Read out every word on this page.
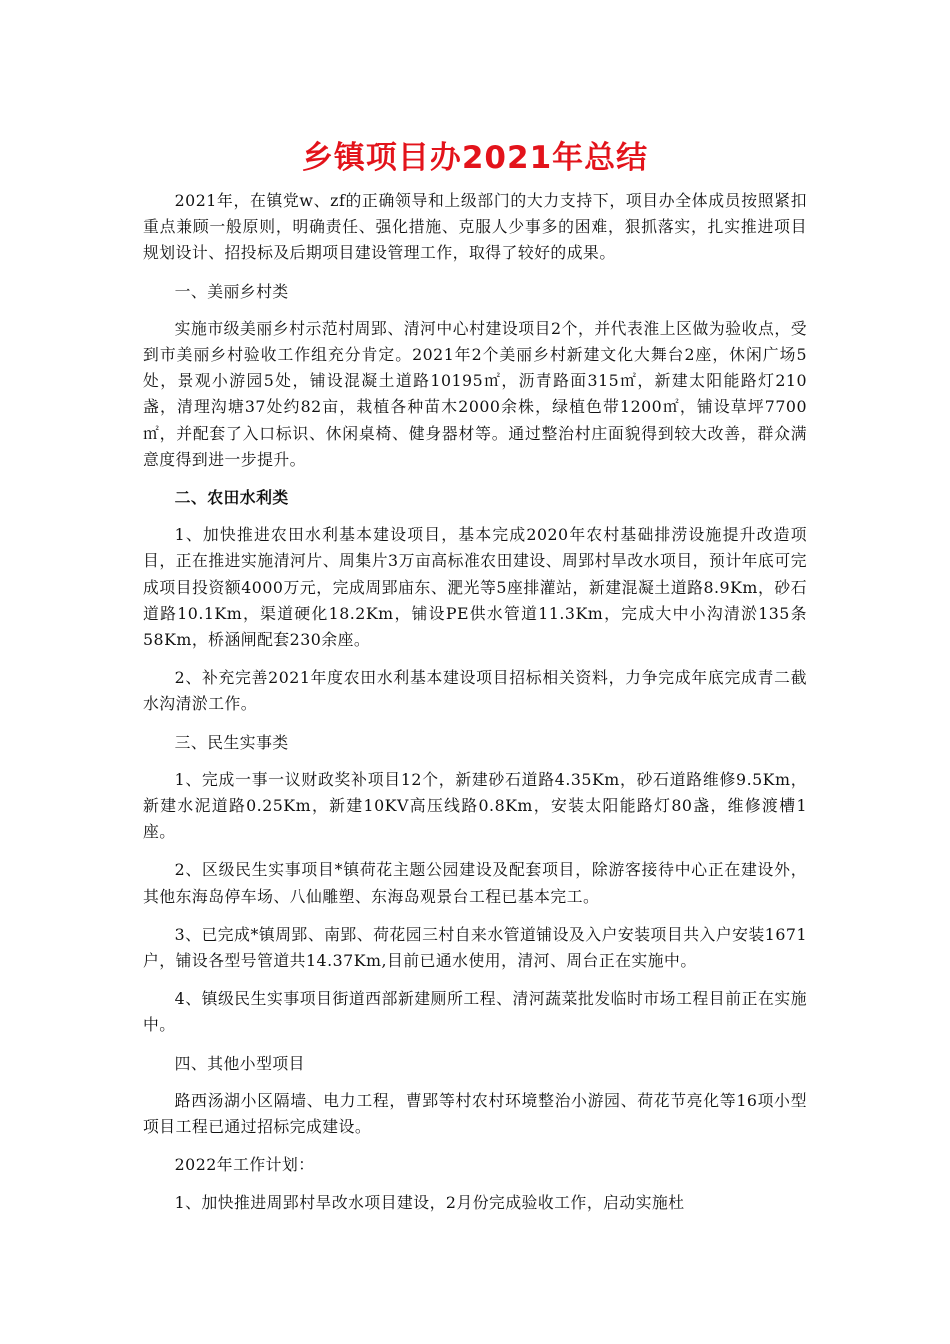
乡镇项目办2021年总结

2021年，在镇党w、zf的正确领导和上级部门的大力支持下，项目办全体成员按照紧扣重点兼顾一般原则，明确责任、强化措施、克服人少事多的困难，狠抓落实，扎实推进项目规划设计、招投标及后期项目建设管理工作，取得了较好的成果。

一、美丽乡村类

实施市级美丽乡村示范村周郢、清河中心村建设项目2个，并代表淮上区做为验收点，受到市美丽乡村验收工作组充分肯定。2021年2个美丽乡村新建文化大舞台2座，休闲广场5处，景观小游园5处，铺设混凝土道路10195㎡，沥青路面315㎡，新建太阳能路灯210盏，清理沟塘37处约82亩，栽植各种苗木2000余株，绿植色带1200㎡，铺设草坪7700㎡，并配套了入口标识、休闲桌椅、健身器材等。通过整治村庄面貌得到较大改善，群众满意度得到进一步提升。

二、农田水利类

1、加快推进农田水利基本建设项目，基本完成2020年农村基础排涝设施提升改造项目，正在推进实施清河片、周集片3万亩高标准农田建设、周郢村旱改水项目，预计年底可完成项目投资额4000万元，完成周郢庙东、淝光等5座排灌站，新建混凝土道路8.9Km，砂石道路10.1Km，渠道硬化18.2Km，铺设PE供水管道11.3Km，完成大中小沟清淤135条58Km，桥涵闸配套230余座。

2、补充完善2021年度农田水利基本建设项目招标相关资料，力争完成年底完成青二截水沟清淤工作。

三、民生实事类

1、完成一事一议财政奖补项目12个，新建砂石道路4.35Km，砂石道路维修9.5Km，新建水泥道路0.25Km，新建10KV高压线路0.8Km，安装太阳能路灯80盏，维修渡槽1座。

2、区级民生实事项目*镇荷花主题公园建设及配套项目，除游客接待中心正在建设外，其他东海岛停车场、八仙雕塑、东海岛观景台工程已基本完工。

3、已完成*镇周郢、南郢、荷花园三村自来水管道铺设及入户安装项目共入户安装1671户，铺设各型号管道共14.37Km,目前已通水使用，清河、周台正在实施中。

4、镇级民生实事项目街道西部新建厕所工程、清河蔬菜批发临时市场工程目前正在实施中。

四、其他小型项目

路西汤湖小区隔墙、电力工程，曹郢等村农村环境整治小游园、荷花节亮化等16项小型项目工程已通过招标完成建设。

2022年工作计划：

1、加快推进周郢村旱改水项目建设，2月份完成验收工作，启动实施杜
